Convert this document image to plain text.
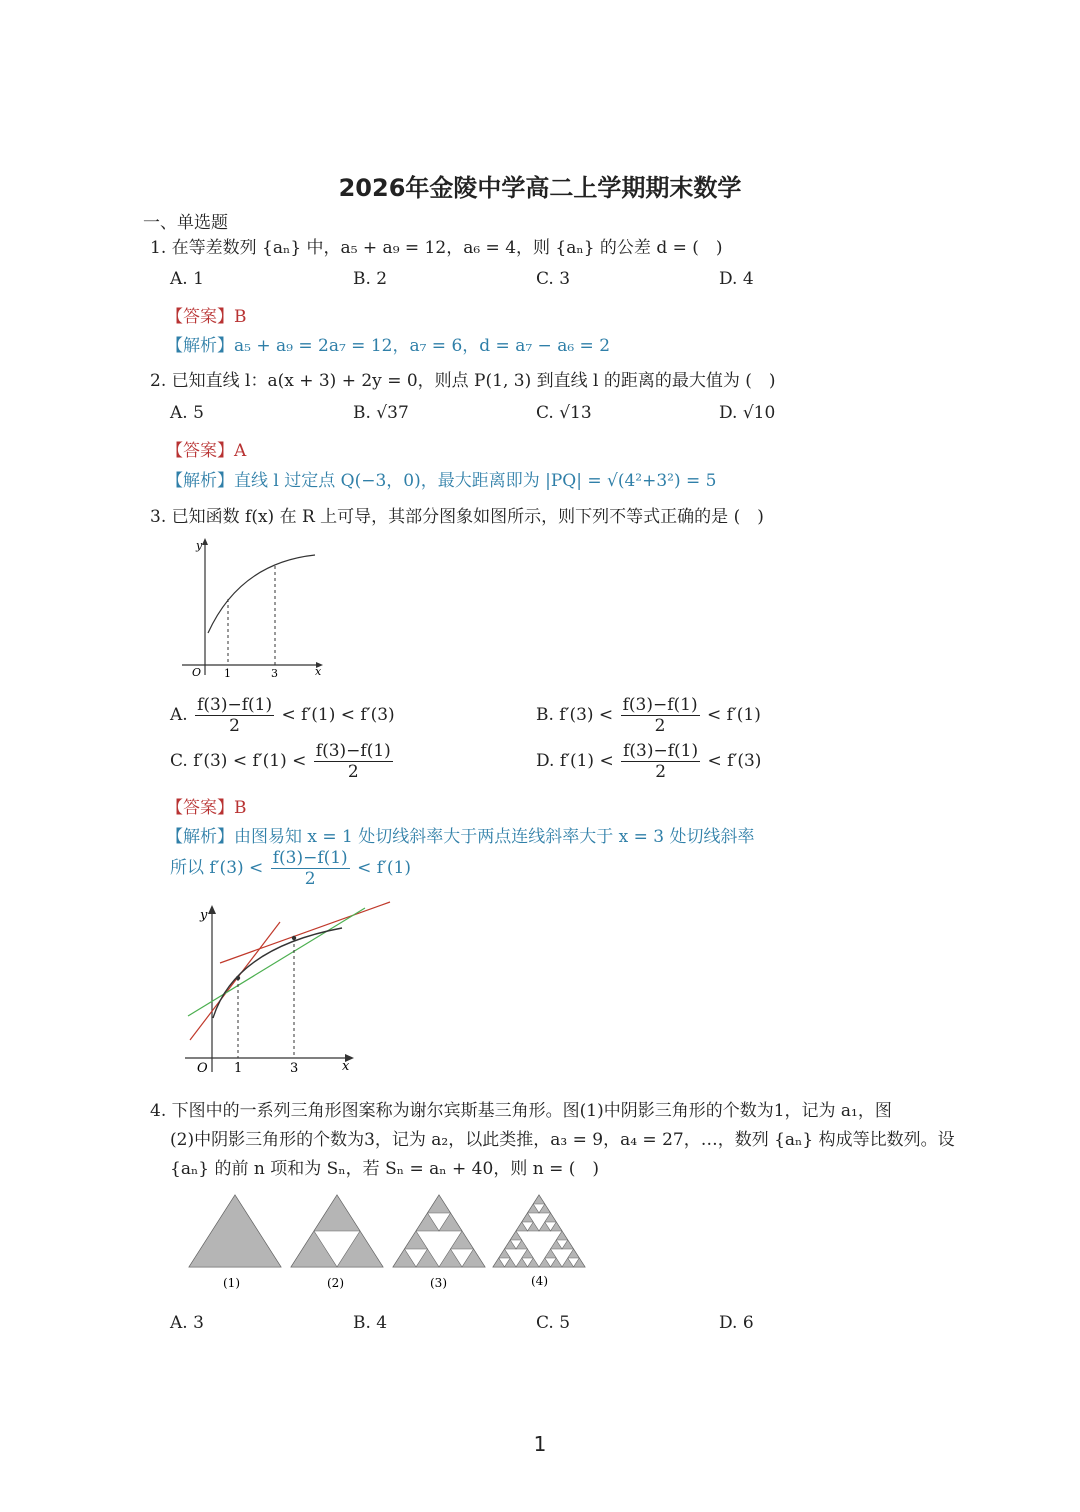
2026年金陵中学高二上学期期末数学
一、单选题
1. 在等差数列 {aₙ} 中，a₅ + a₉ = 12，a₆ = 4，则 {aₙ} 的公差 d = (　)
A. 1	B. 2	C. 3	D. 4
【答案】B
【解析】a₅ + a₉ = 2a₇ = 12，a₇ = 6，d = a₇ − a₆ = 2
2. 已知直线 l：a(x + 3) + 2y = 0，则点 P(1, 3) 到直线 l 的距离的最大值为 (　)
A. 5	B. √37	C. √13	D. √10
【答案】A
【解析】直线 l 过定点 Q(−3，0)，最大距离即为 |PQ| = √(4²+3²) = 5
3. 已知函数 f(x) 在 R 上可导，其部分图象如图所示，则下列不等式正确的是 (　)
y
O	x
1	3
A. $\frac{f(3)-f(1)}{2} < f'(1) < f'(3)$	B. $f'(3) < \frac{f(3)-f(1)}{2} < f'(1)$
C. $f'(3) < f'(1) < \frac{f(3)-f(1)}{2}$	D. $f'(1) < \frac{f(3)-f(1)}{2} < f'(3)$
【答案】B
【解析】由图易知 x = 1 处切线斜率大于两点连线斜率大于 x = 3 处切线斜率
所以 $f'(3) < \frac{f(3)-f(1)}{2} < f'(1)$
y
O	x
1	3
4. 下图中的一系列三角形图案称为谢尔宾斯基三角形。图(1)中阴影三角形的个数为1，记为 a₁，图
(2)中阴影三角形的个数为3，记为 a₂，以此类推，a₃ = 9，a₄ = 27，…，数列 {aₙ} 构成等比数列。设
{aₙ} 的前 n 项和为 Sₙ，若 Sₙ = aₙ + 40，则 n = (　)
(1)	(2)	(3)	(4)
A. 3	B. 4	C. 5	D. 6
1
